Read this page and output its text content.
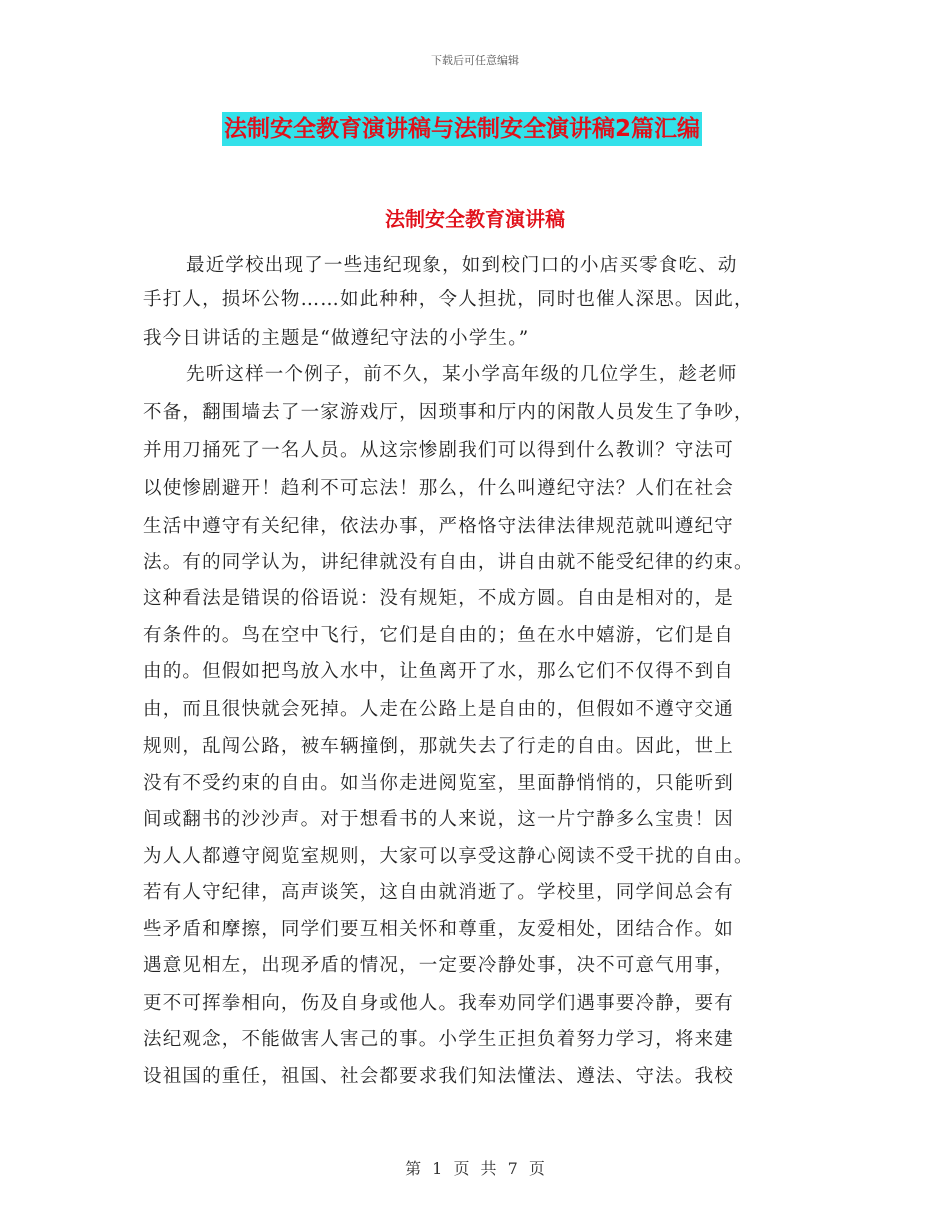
下载后可任意编辑
法制安全教育演讲稿与法制安全演讲稿2篇汇编
法制安全教育演讲稿
最近学校出现了一些违纪现象，如到校门口的小店买零食吃、动
手打人，损坏公物……如此种种，令人担扰，同时也催人深思。因此，
我今日讲话的主题是“做遵纪守法的小学生。”
先听这样一个例子，前不久，某小学高年级的几位学生，趁老师
不备，翻围墙去了一家游戏厅，因琐事和厅内的闲散人员发生了争吵，
并用刀捅死了一名人员。从这宗惨剧我们可以得到什么教训？守法可
以使惨剧避开！趋利不可忘法！那么，什么叫遵纪守法？人们在社会
生活中遵守有关纪律，依法办事，严格恪守法律法律规范就叫遵纪守
法。有的同学认为，讲纪律就没有自由，讲自由就不能受纪律的约束。
这种看法是错误的俗语说：没有规矩，不成方圆。自由是相对的，是
有条件的。鸟在空中飞行，它们是自由的；鱼在水中嬉游，它们是自
由的。但假如把鸟放入水中，让鱼离开了水，那么它们不仅得不到自
由，而且很快就会死掉。人走在公路上是自由的，但假如不遵守交通
规则，乱闯公路，被车辆撞倒，那就失去了行走的自由。因此，世上
没有不受约束的自由。如当你走进阅览室，里面静悄悄的，只能听到
间或翻书的沙沙声。对于想看书的人来说，这一片宁静多么宝贵！因
为人人都遵守阅览室规则，大家可以享受这静心阅读不受干扰的自由。
若有人守纪律，高声谈笑，这自由就消逝了。学校里，同学间总会有
些矛盾和摩擦，同学们要互相关怀和尊重，友爱相处，团结合作。如
遇意见相左，出现矛盾的情况，一定要冷静处事，决不可意气用事，
更不可挥拳相向，伤及自身或他人。我奉劝同学们遇事要冷静，要有
法纪观念，不能做害人害己的事。小学生正担负着努力学习，将来建
设祖国的重任，祖国、社会都要求我们知法懂法、遵法、守法。我校
第 1 页 共 7 页
